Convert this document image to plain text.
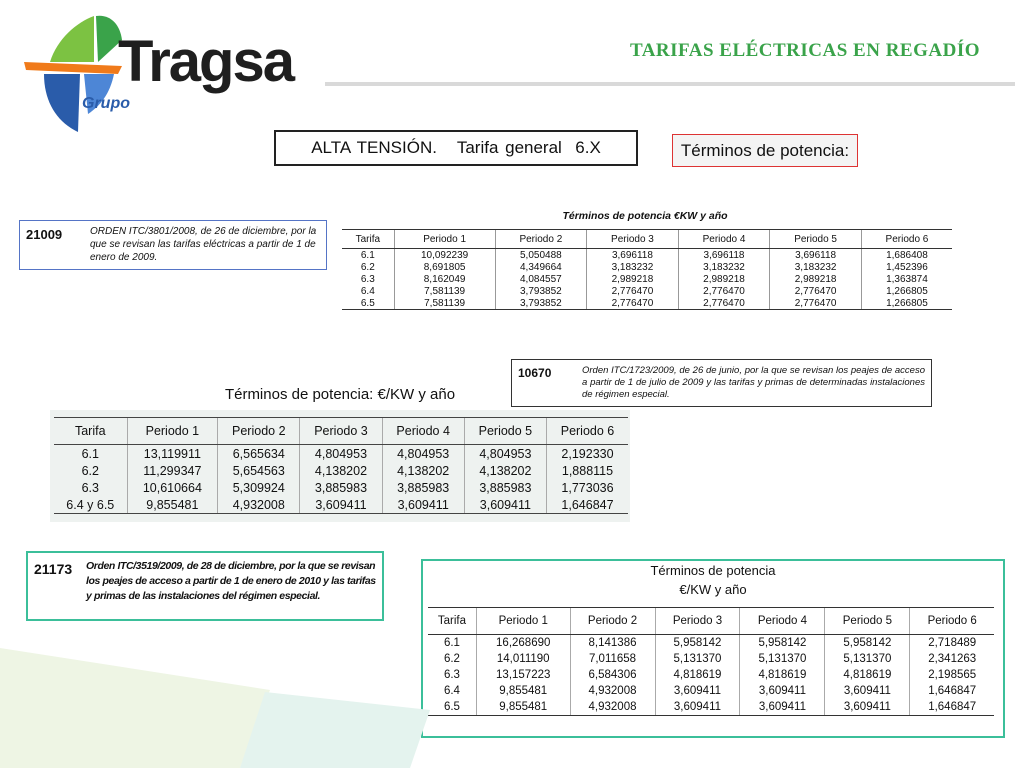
Tragsa
Grupo
TARIFAS ELÉCTRICAS EN REGADÍO
ALTA TENSIÓN.   Tarifa general  6.X	Términos de potencia:
21009	ORDEN ITC/3801/2008, de 26 de diciembre, por la que se revisan las tarifas eléctricas a partir de 1 de enero de 2009.
Términos de potencia €KW y año
Tarifa	Periodo 1	Periodo 2	Periodo 3	Periodo 4	Periodo 5	Periodo 6
6.1	10,092239	5,050488	3,696118	3,696118	3,696118	1,686408
6.2	8,691805	4,349664	3,183232	3,183232	3,183232	1,452396
6.3	8,162049	4,084557	2,989218	2,989218	2,989218	1,363874
6.4	7,581139	3,793852	2,776470	2,776470	2,776470	1,266805
6.5	7,581139	3,793852	2,776470	2,776470	2,776470	1,266805
10670	Orden ITC/1723/2009, de 26 de junio, por la que se revisan los peajes de acceso a partir de 1 de julio de 2009 y las tarifas y primas de determinadas instalaciones de régimen especial.
Términos de potencia: €/KW y año
Tarifa	Periodo 1	Periodo 2	Periodo 3	Periodo 4	Periodo 5	Periodo 6
6.1	13,119911	6,565634	4,804953	4,804953	4,804953	2,192330
6.2	11,299347	5,654563	4,138202	4,138202	4,138202	1,888115
6.3	10,610664	5,309924	3,885983	3,885983	3,885983	1,773036
6.4 y 6.5	9,855481	4,932008	3,609411	3,609411	3,609411	1,646847
21173	Orden ITC/3519/2009, de 28 de diciembre, por la que se revisan los peajes de acceso a partir de 1 de enero de 2010 y las tarifas y primas de las instalaciones del régimen especial.
Términos de potencia
€/KW y año
Tarifa	Periodo 1	Periodo 2	Periodo 3	Periodo 4	Periodo 5	Periodo 6
6.1	16,268690	8,141386	5,958142	5,958142	5,958142	2,718489
6.2	14,011190	7,011658	5,131370	5,131370	5,131370	2,341263
6.3	13,157223	6,584306	4,818619	4,818619	4,818619	2,198565
6.4	9,855481	4,932008	3,609411	3,609411	3,609411	1,646847
6.5	9,855481	4,932008	3,609411	3,609411	3,609411	1,646847
